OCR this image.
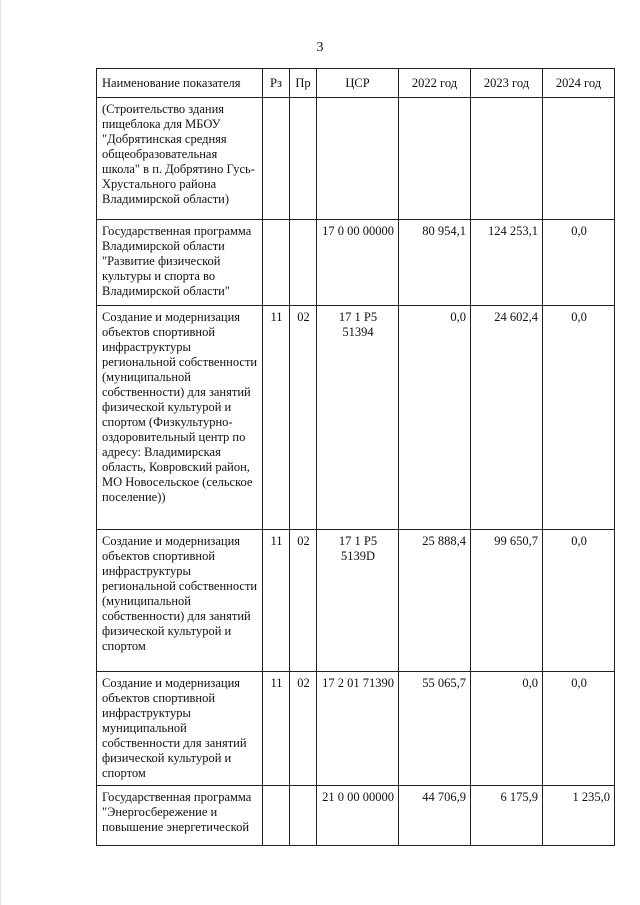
3
Наименование показателя	Рз	Пр	ЦСР	2022 год	2023 год	2024 год
(Строительство здания пищеблока для МБОУ "Добрятинская средняя общеобразовательная школа" в п. Добрятино Гусь-Хрустального района Владимирской области)						
Государственная программа Владимирской области "Развитие физической культуры и спорта во Владимирской области"			17 0 00 00000	80 954,1	124 253,1	0,0
Создание и модернизация объектов спортивной инфраструктуры региональной собственности (муниципальной собственности) для занятий физической культурой и спортом (Физкультурно-оздоровительный центр по адресу: Владимирская область, Ковровский район, МО Новосельское (сельское поселение))	11	02	17 1 P5 51394	0,0	24 602,4	0,0
Создание и модернизация объектов спортивной инфраструктуры региональной собственности (муниципальной собственности) для занятий физической культурой и спортом	11	02	17 1 P5 5139D	25 888,4	99 650,7	0,0
Создание и модернизация объектов спортивной инфраструктуры муниципальной собственности для занятий физической культурой и спортом	11	02	17 2 01 71390	55 065,7	0,0	0,0
Государственная программа "Энергосбережение и повышение энергетической			21 0 00 00000	44 706,9	6 175,9	1 235,0
